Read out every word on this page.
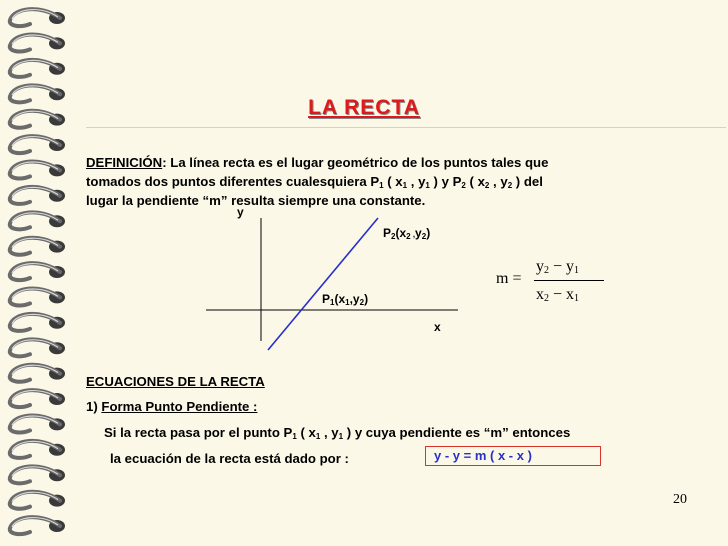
LA RECTA
DEFINICIÓN: La línea recta es el lugar geométrico de los puntos tales que
tomados dos puntos diferentes cualesquiera $P_1$ ( $x_1$ , $y_1$ ) y $P_2$ ( $x_2$ , $y_2$ ) del
lugar la pendiente “m” resulta siempre una constante.
y
x
$P_2(x_2$ $,y_2$)
$P_1(x_1,y_2)$
m =
$y_2 - y_1$
$x_2 - x_1$
ECUACIONES DE LA RECTA
1) Forma Punto Pendiente :
Si la recta pasa por el punto $P_1$ ( $x_1$ , $y_1$ ) y cuya pendiente es “m” entonces
la ecuación de la recta está dado por :	y - y = m ( x - x )
20
